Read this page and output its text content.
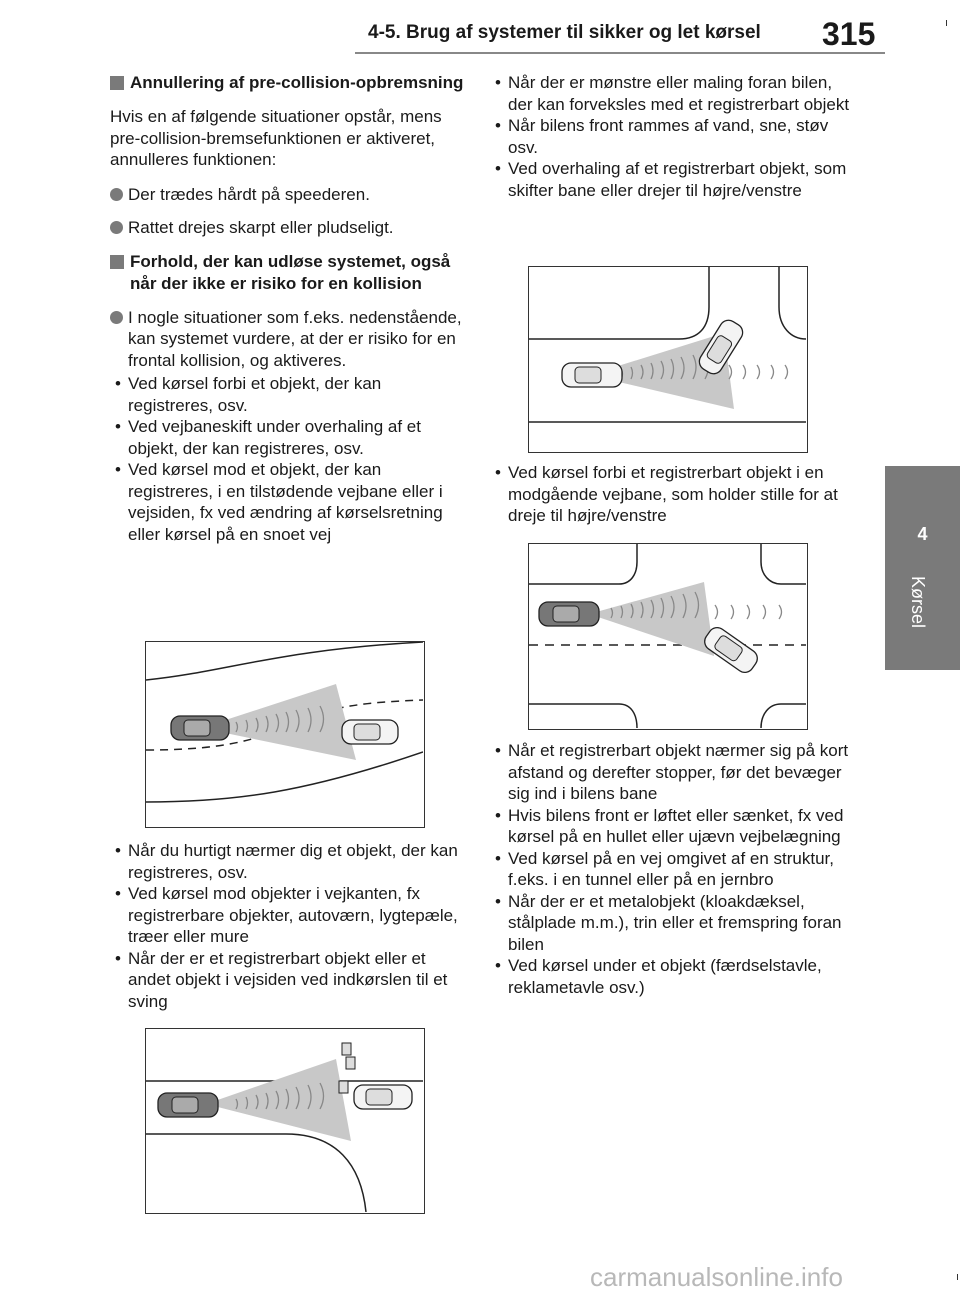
4-5. Brug af systemer til sikker og let kørsel 315
4
Kørsel
Annullering af pre-collision-opbremsning
Hvis en af følgende situationer opstår, mens pre-collision-bremsefunktionen er aktiveret, annulleres funktionen:
Der trædes hårdt på speederen.
Rattet drejes skarpt eller pludseligt.
Forhold, der kan udløse systemet, også når der ikke er risiko for en kollision
I nogle situationer som f.eks. nedenstående, kan systemet vurdere, at der er risiko for en frontal kollision, og aktiveres.
• Ved kørsel forbi et objekt, der kan registreres, osv.
• Ved vejbaneskift under overhaling af et objekt, der kan registreres, osv.
• Ved kørsel mod et objekt, der kan registreres, i en tilstødende vejbane eller i vejsiden, fx ved ændring af kørselsretning eller kørsel på en snoet vej
• Når du hurtigt nærmer dig et objekt, der kan registreres, osv.
• Ved kørsel mod objekter i vejkanten, fx registrerbare objekter, autoværn, lygtepæle, træer eller mure
• Når der er et registrerbart objekt eller et andet objekt i vejsiden ved indkørslen til et sving
• Når der er mønstre eller maling foran bilen, der kan forveksles med et registrerbart objekt
• Når bilens front rammes af vand, sne, støv osv.
• Ved overhaling af et registrerbart objekt, som skifter bane eller drejer til højre/venstre
• Ved kørsel forbi et registrerbart objekt i en modgående vejbane, som holder stille for at dreje til højre/venstre
• Når et registrerbart objekt nærmer sig på kort afstand og derefter stopper, før det bevæger sig ind i bilens bane
• Hvis bilens front er løftet eller sænket, fx ved kørsel på en hullet eller ujævn vejbelægning
• Ved kørsel på en vej omgivet af en struktur, f.eks. i en tunnel eller på en jernbro
• Når der er et metalobjekt (kloakdæksel, stålplade m.m.), trin eller et fremspring foran bilen
• Ved kørsel under et objekt (færdselstavle, reklametavle osv.)
carmanualsonline.info
